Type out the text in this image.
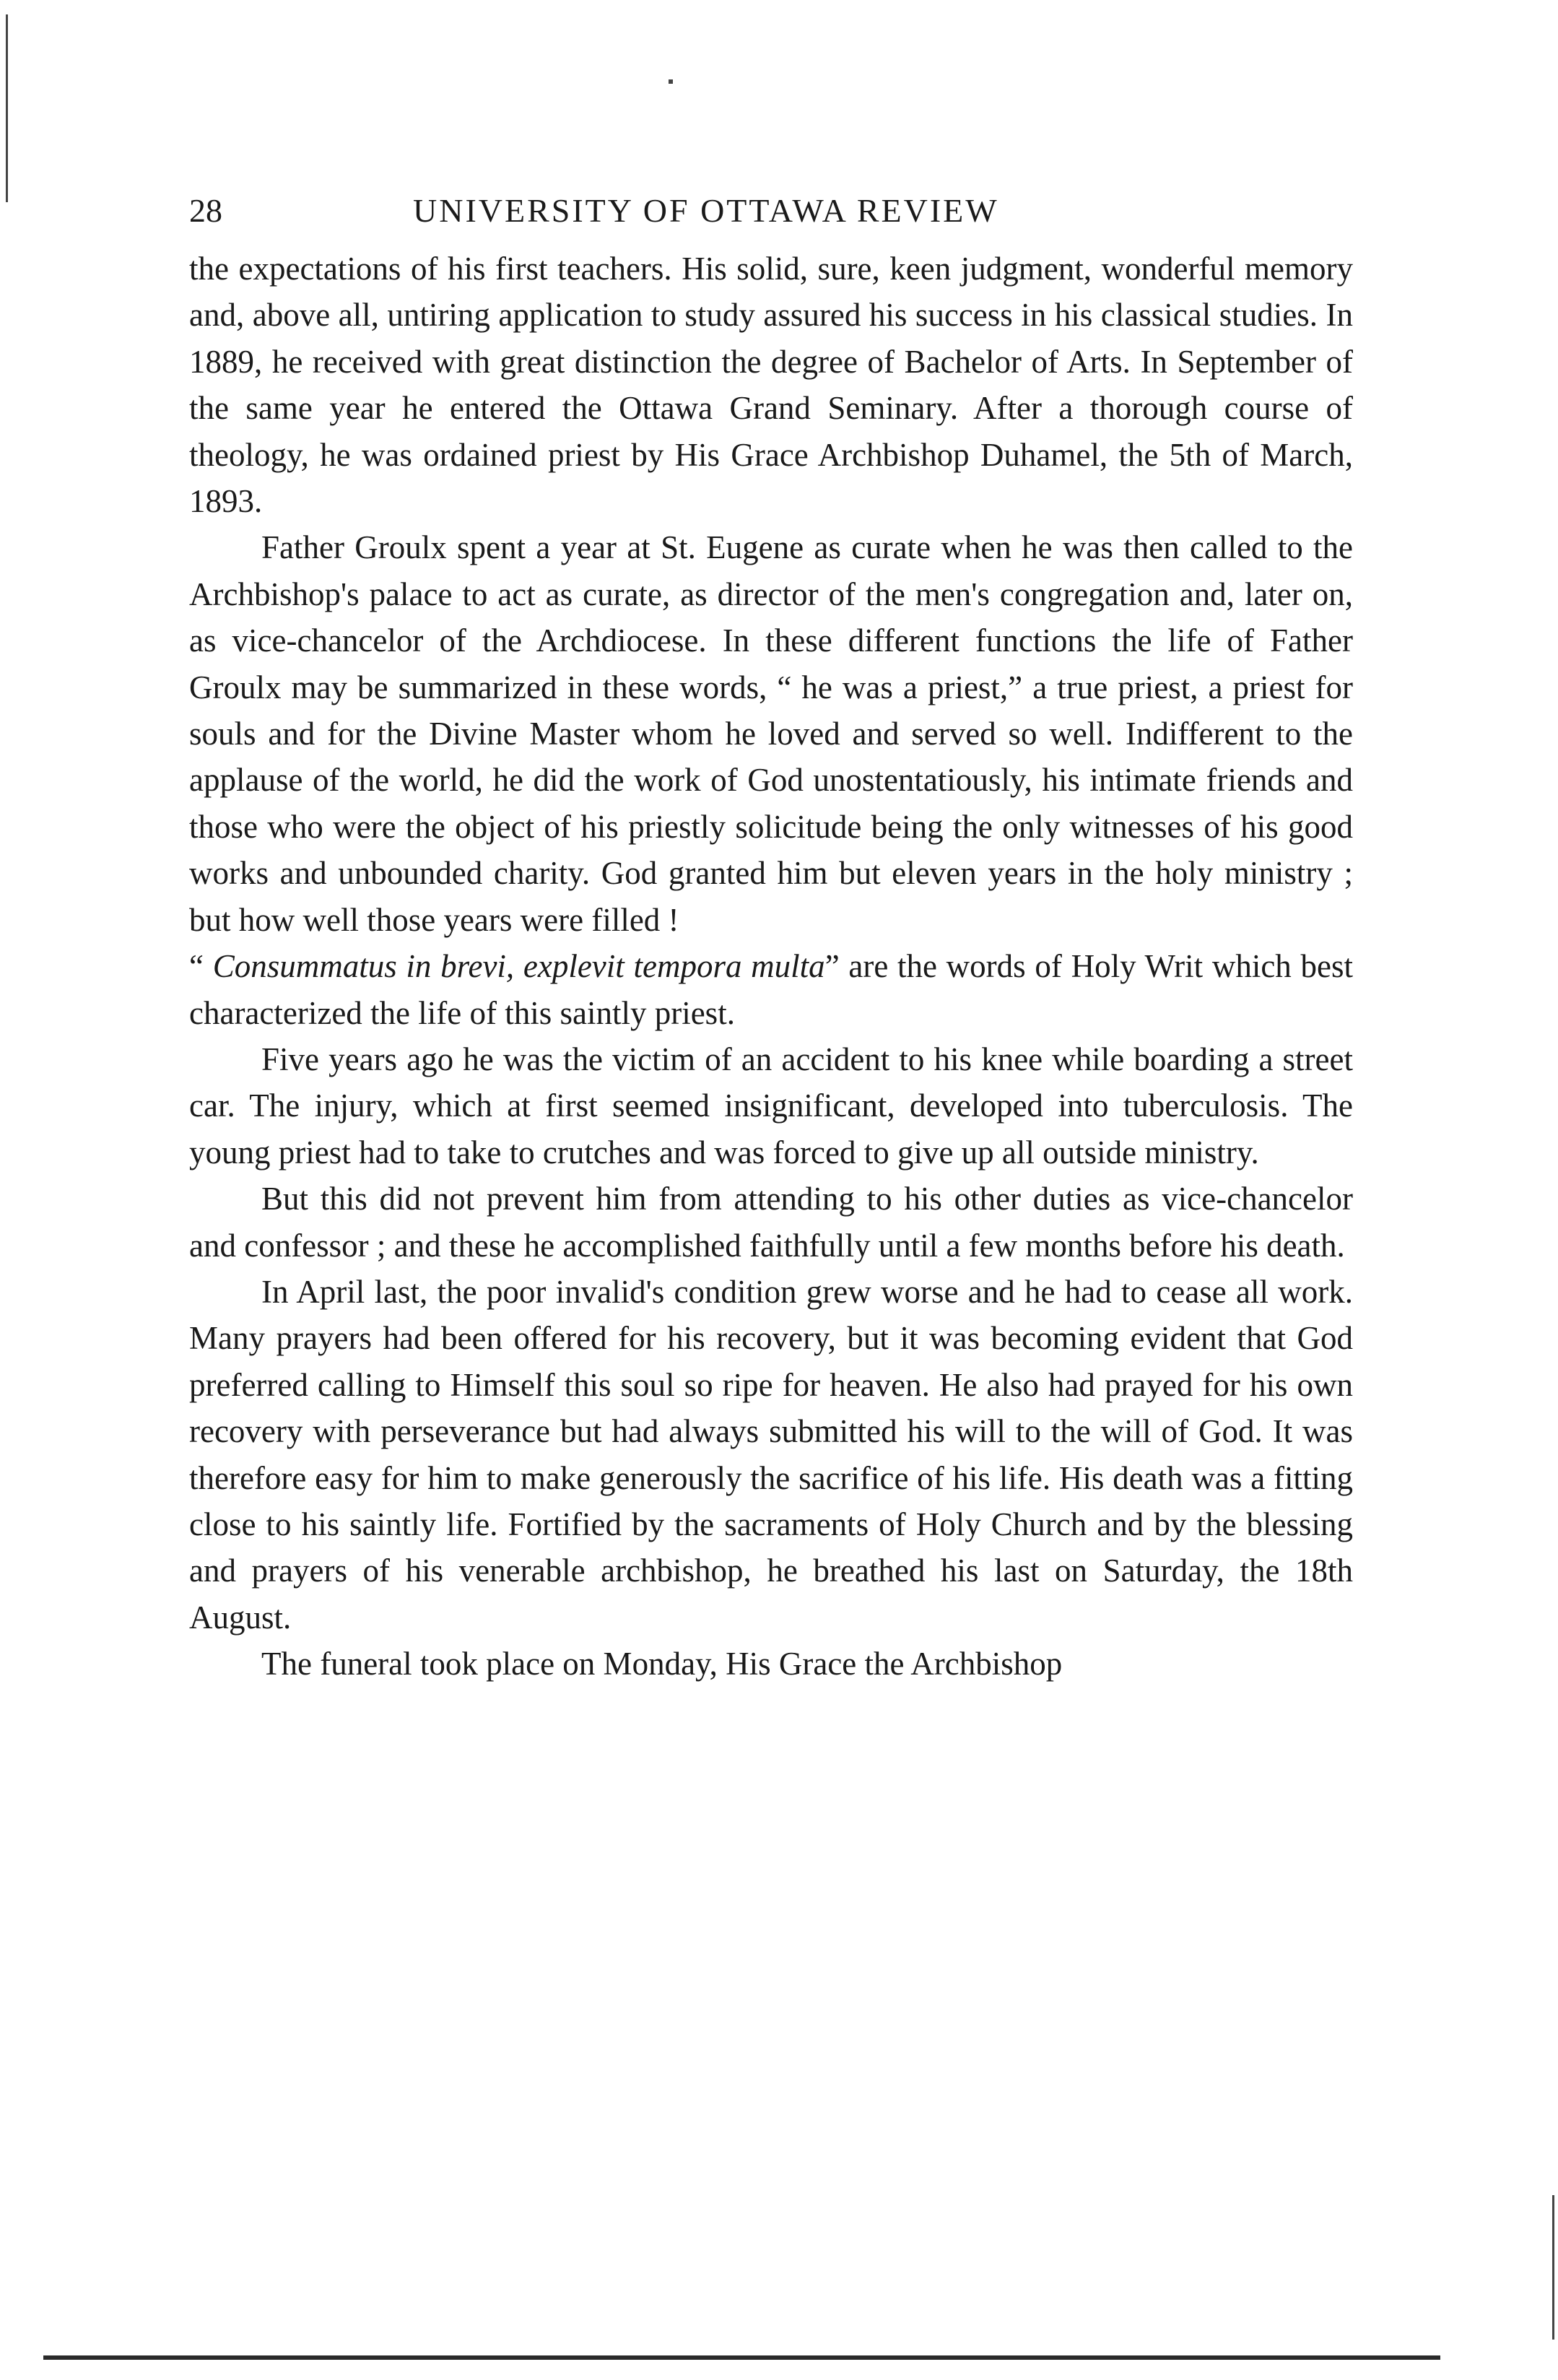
28	UNIVERSITY OF OTTAWA REVIEW

the expectations of his first teachers. His solid, sure, keen judgment, wonderful memory and, above all, untiring application to study assured his success in his classical studies. In 1889, he received with great distinction the degree of Bachelor of Arts. In September of the same year he entered the Ottawa Grand Seminary. After a thorough course of theology, he was ordained priest by His Grace Archbishop Duhamel, the 5th of March, 1893.

Father Groulx spent a year at St. Eugene as curate when he was then called to the Archbishop's palace to act as curate, as director of the men's congregation and, later on, as vice-chancelor of the Archdiocese. In these different functions the life of Father Groulx may be summarized in these words, “ he was a priest,” a true priest, a priest for souls and for the Divine Master whom he loved and served so well. Indifferent to the applause of the world, he did the work of God unostentatiously, his intimate friends and those who were the object of his priestly solicitude being the only witnesses of his good works and unbounded charity. God granted him but eleven years in the holy ministry ; but how well those years were filled !
“ Consummatus in brevi, explevit tempora multa” are the words of Holy Writ which best characterized the life of this saintly priest.

Five years ago he was the victim of an accident to his knee while boarding a street car. The injury, which at first seemed insignificant, developed into tuberculosis. The young priest had to take to crutches and was forced to give up all outside ministry.

But this did not prevent him from attending to his other duties as vice-chancelor and confessor ; and these he accomplished faithfully until a few months before his death.

In April last, the poor invalid's condition grew worse and he had to cease all work. Many prayers had been offered for his recovery, but it was becoming evident that God preferred calling to Himself this soul so ripe for heaven. He also had prayed for his own recovery with perseverance but had always submitted his will to the will of God. It was therefore easy for him to make generously the sacrifice of his life. His death was a fitting close to his saintly life. Fortified by the sacraments of Holy Church and by the blessing and prayers of his venerable archbishop, he breathed his last on Saturday, the 18th August.

The funeral took place on Monday, His Grace the Archbishop
